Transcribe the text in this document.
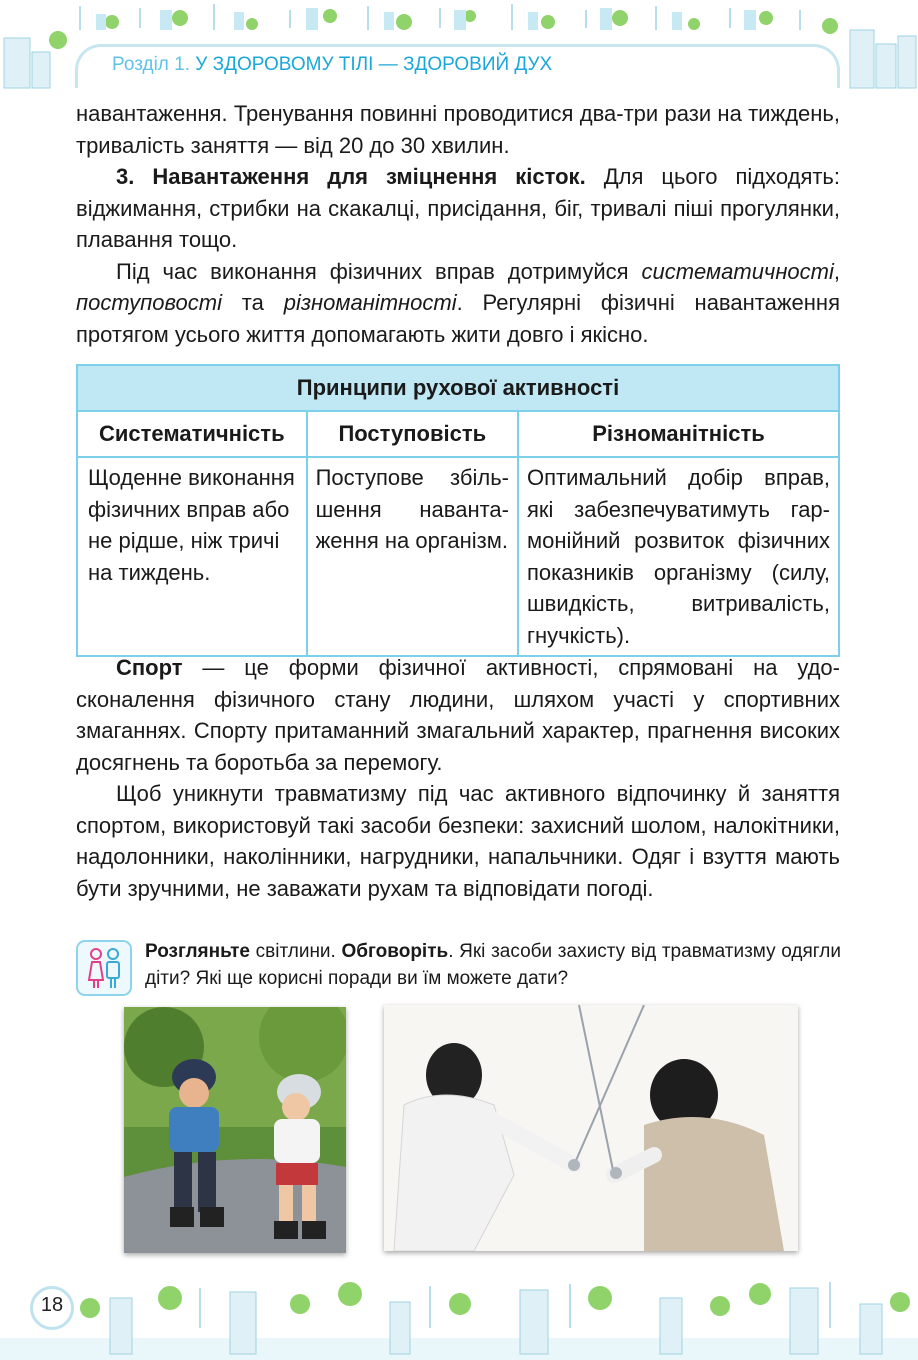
Розділ 1. У ЗДОРОВОМУ ТІЛІ — ЗДОРОВИЙ ДУХ

навантаження. Тренування повинні проводитися два-три рази на тиждень, тривалість заняття — від 20 до 30 хвилин.

3. Навантаження для зміцнення кісток. Для цього підходять: віджимання, стрибки на скакалці, присідання, біг, тривалі піші прогулянки, плавання тощо.

Під час виконання фізичних вправ дотримуйся систематичності, поступовості та різноманітності. Регулярні фізичні навантаження протягом усього життя допомагають жити довго і якісно.

Принципи рухової активності		
Систематичність	Поступовість	Різноманітність
Щоденне виконання фізичних вправ або не рідше, ніж тричі на тиждень.	Поступове збільшення навантаження на організм.	Оптимальний добір вправ, які забезпечуватимуть гармонійний розвиток фізичних показників організму (силу, швидкість, витривалість, гнучкість).

Спорт — це форми фізичної активності, спрямовані на удосконалення фізичного стану людини, шляхом участі у спортивних змаганнях. Спорту притаманний змагальний характер, прагнення високих досягнень та боротьба за перемогу.

Щоб уникнути травматизму під час активного відпочинку й заняття спортом, використовуй такі засоби безпеки: захисний шолом, налокітники, надолонники, наколінники, нагрудники, напальчники. Одяг і взуття мають бути зручними, не заважати рухам та відповідати погоді.

Розгляньте світлини. Обговоріть. Які засоби захисту від травматизму одягли діти? Які ще корисні поради ви їм можете дати?

18
